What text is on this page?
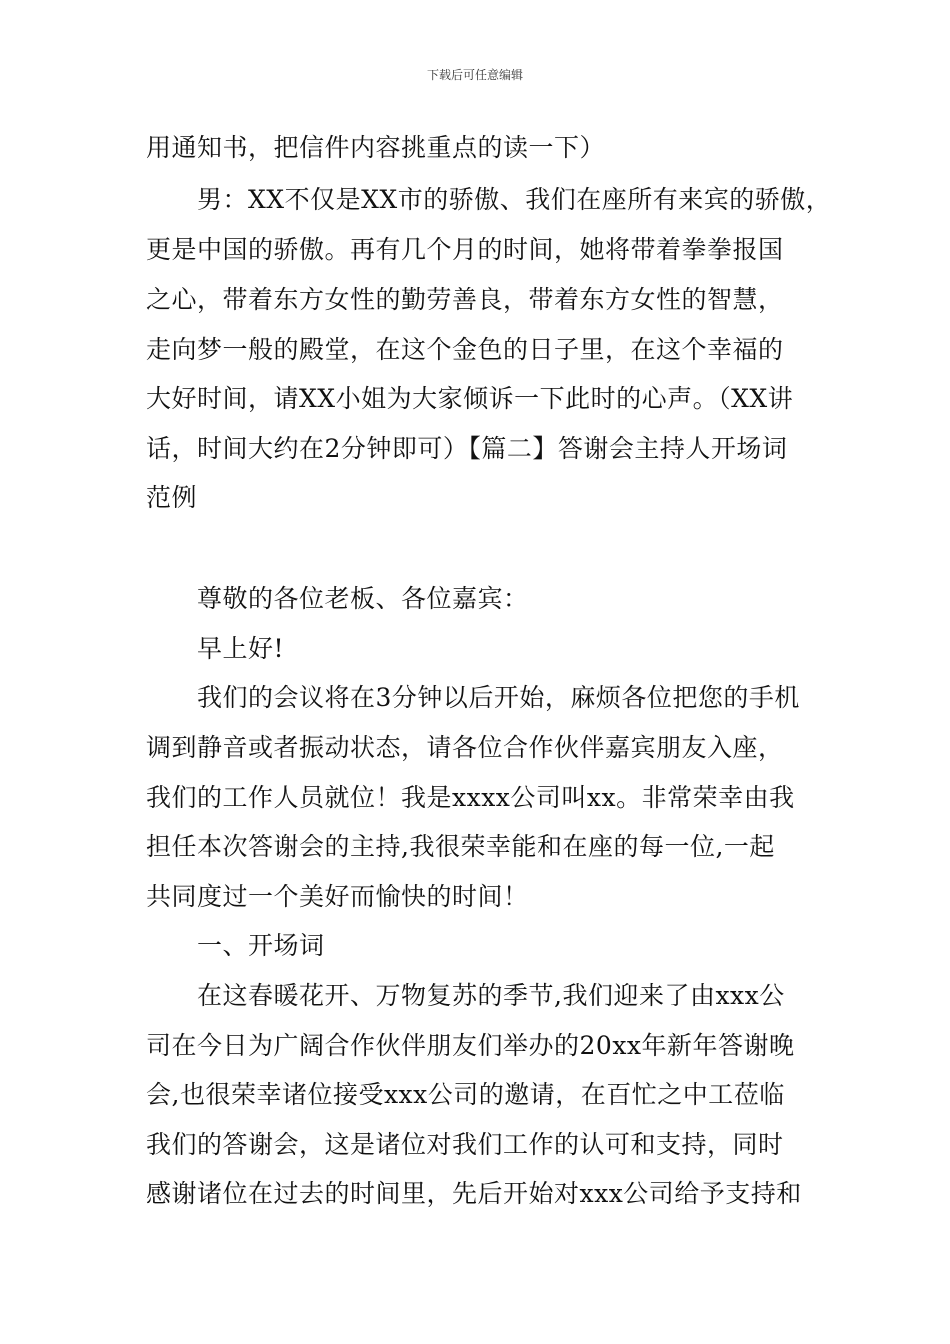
下载后可任意编辑
用通知书，把信件内容挑重点的读一下）
　　男：XX不仅是XX市的骄傲、我们在座所有来宾的骄傲，
更是中国的骄傲。再有几个月的时间，她将带着拳拳报国
之心，带着东方女性的勤劳善良，带着东方女性的智慧，
走向梦一般的殿堂，在这个金色的日子里，在这个幸福的
大好时间，请XX小姐为大家倾诉一下此时的心声。（XX讲
话，时间大约在2分钟即可）【篇二】答谢会主持人开场词
范例
　　尊敬的各位老板、各位嘉宾：
　　早上好!
　　我们的会议将在3分钟以后开始，麻烦各位把您的手机
调到静音或者振动状态，请各位合作伙伴嘉宾朋友入座，
我们的工作人员就位！我是xxxx公司叫xx。非常荣幸由我
担任本次答谢会的主持,我很荣幸能和在座的每一位,一起
共同度过一个美好而愉快的时间！
　　一、开场词
　　在这春暖花开、万物复苏的季节,我们迎来了由xxx公
司在今日为广阔合作伙伴朋友们举办的20xx年新年答谢晚
会,也很荣幸诸位接受xxx公司的邀请，在百忙之中工莅临
我们的答谢会，这是诸位对我们工作的认可和支持，同时
感谢诸位在过去的时间里，先后开始对xxx公司给予支持和
